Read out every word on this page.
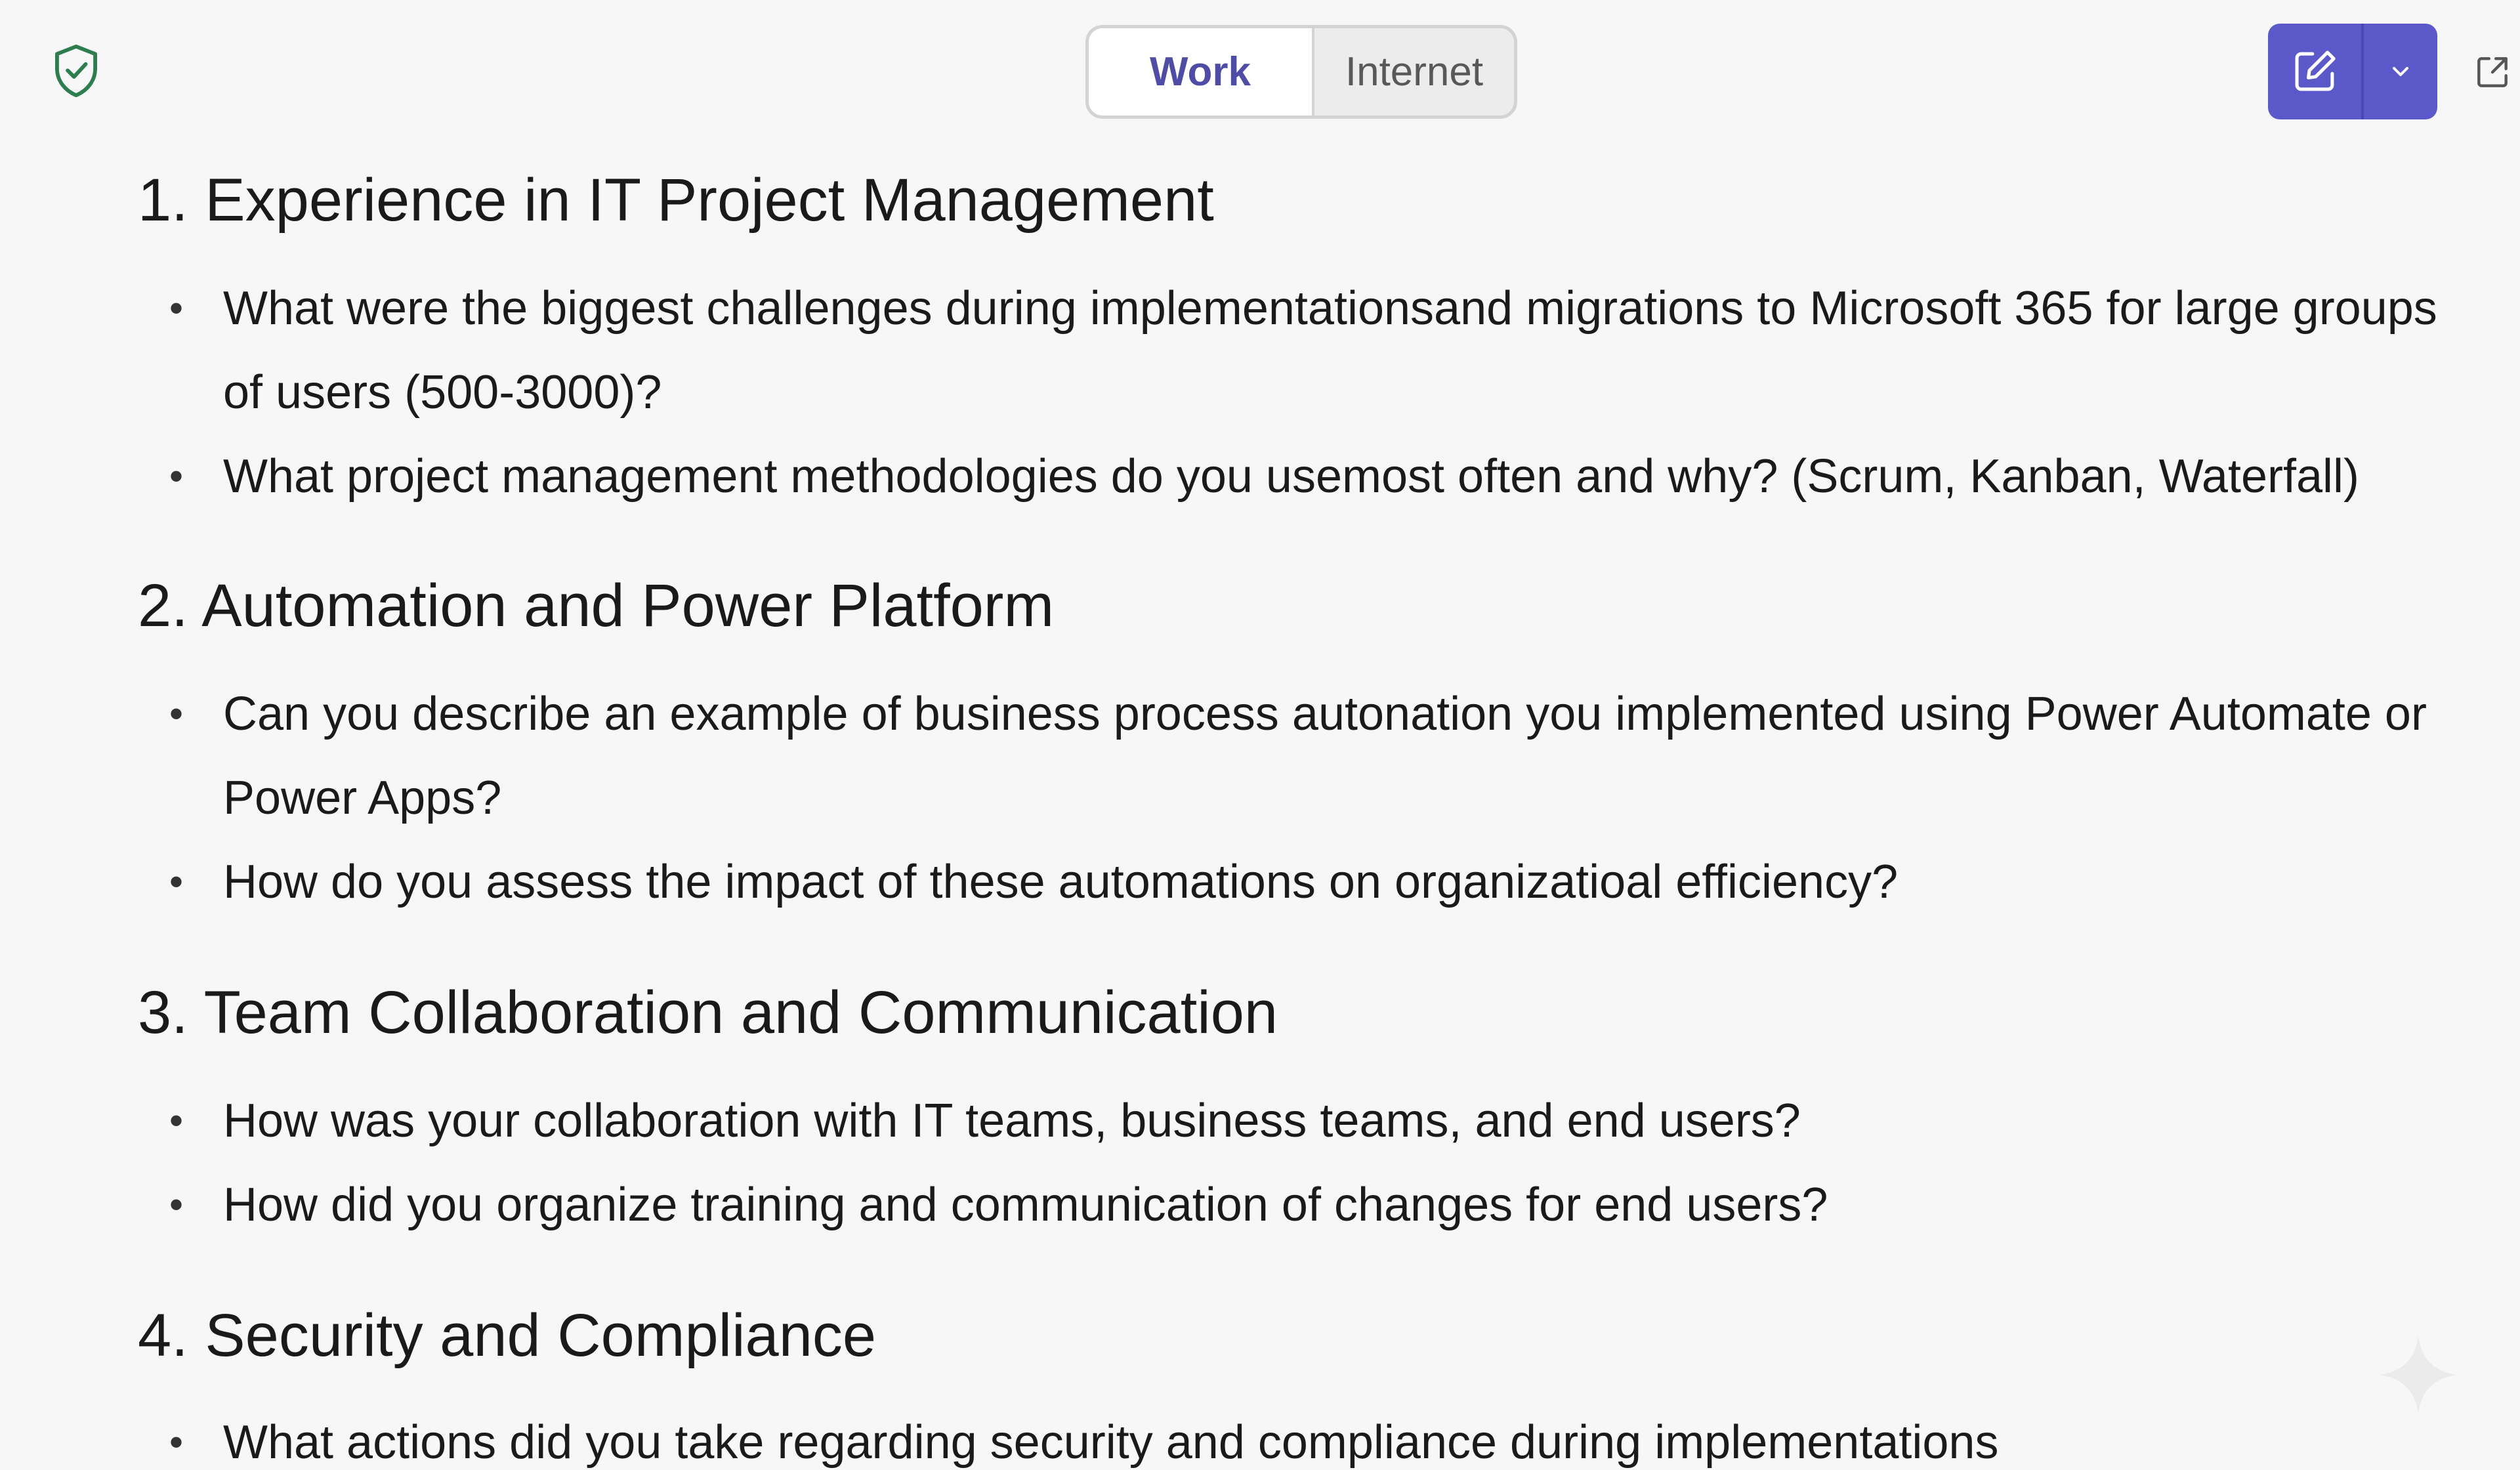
Work	Internet
1. Experience in IT Project Management
• What were the biggest challenges during implementationsand migrations to Microsoft 365 for large groups of users (500-3000)?
• What project management methodologies do you usemost often and why? (Scrum, Kanban, Waterfall)
2. Automation and Power Platform
• Can you describe an example of business process autonation you implemented using Power Automate or Power Apps?
• How do you assess the impact of these automations on organizatioal efficiency?
3. Team Collaboration and Communication
• How was your collaboration with IT teams, business teams, and end users?
• How did you organize training and communication of changes for end users?
4. Security and Compliance
• What actions did you take regarding security and compliance during implementations
